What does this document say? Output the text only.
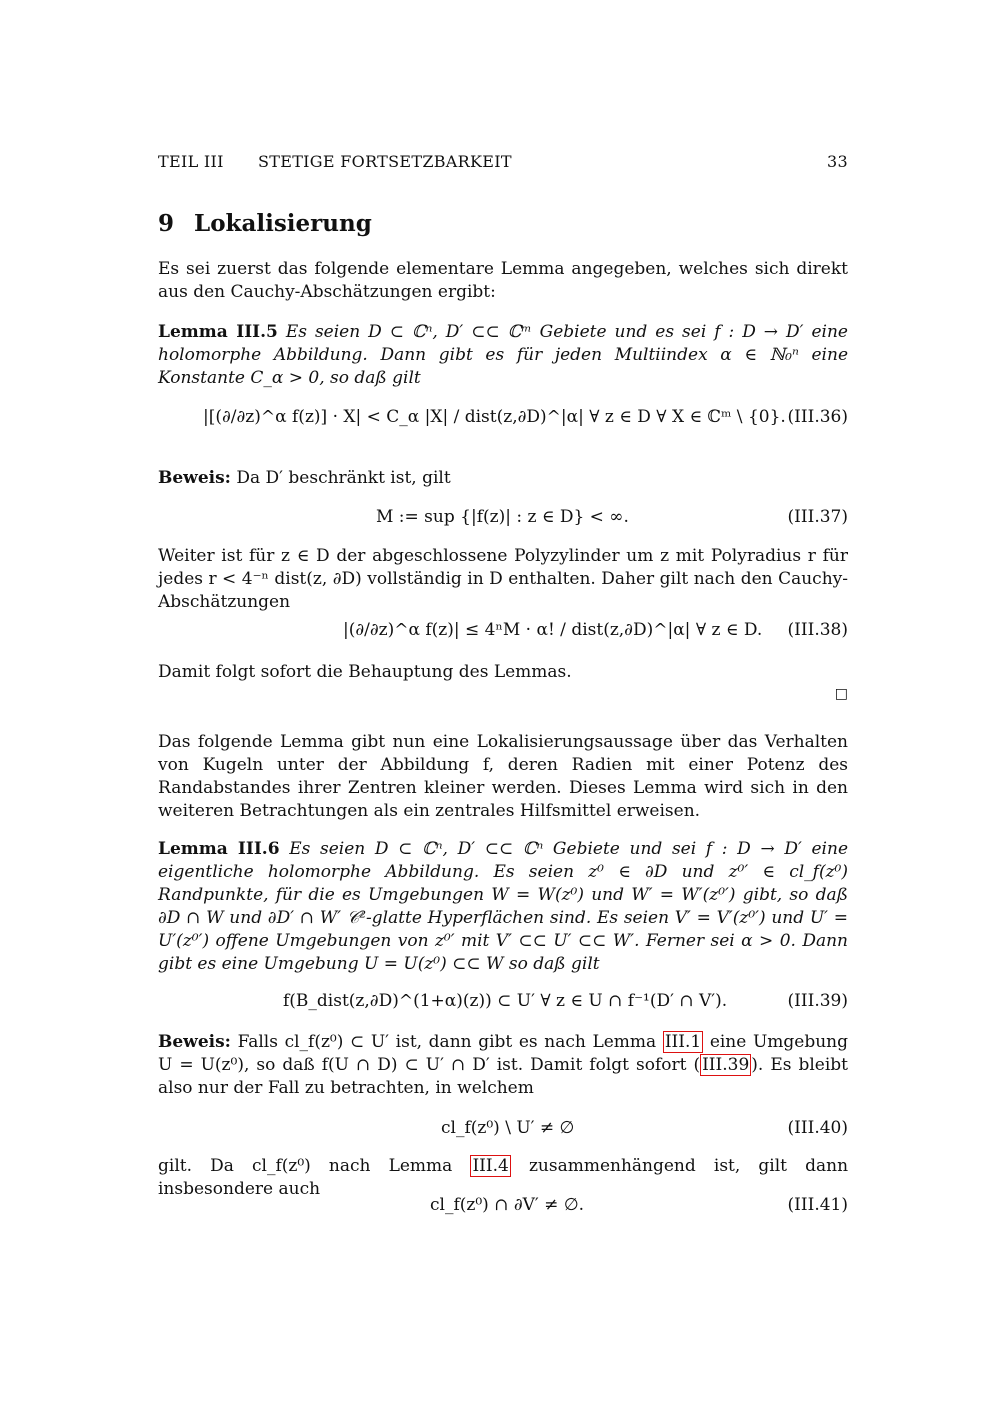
TEIL III STETIGE FORTSETZBARKEIT	33
9 Lokalisierung
Es sei zuerst das folgende elementare Lemma angegeben, welches sich direkt aus den Cauchy-Abschätzungen ergibt:
Lemma III.5 Es seien D ⊂ ℂⁿ, D′ ⊂⊂ ℂᵐ Gebiete und es sei f : D → D′ eine holomorphe Abbildung. Dann gibt es für jeden Multiindex α ∈ ℕ₀ⁿ eine Konstante C_α > 0, so daß gilt
|[(∂/∂z)^α f(z)] · X| < C_α |X| / dist(z,∂D)^|α| ∀ z ∈ D ∀ X ∈ ℂᵐ \ {0}. (III.36)
Beweis: Da D′ beschränkt ist, gilt
M := sup {|f(z)| : z ∈ D} < ∞.	(III.37)
Weiter ist für z ∈ D der abgeschlossene Polyzylinder um z mit Polyradius r für jedes r < 4⁻ⁿ dist(z, ∂D) vollständig in D enthalten. Daher gilt nach den Cauchy-Abschätzungen
|(∂/∂z)^α f(z)| ≤ 4ⁿM · α! / dist(z,∂D)^|α| ∀ z ∈ D. (III.38)
Damit folgt sofort die Behauptung des Lemmas.
□
Das folgende Lemma gibt nun eine Lokalisierungsaussage über das Verhalten von Kugeln unter der Abbildung f, deren Radien mit einer Potenz des Randabstandes ihrer Zentren kleiner werden. Dieses Lemma wird sich in den weiteren Betrachtungen als ein zentrales Hilfsmittel erweisen.
Lemma III.6 Es seien D ⊂ ℂⁿ, D′ ⊂⊂ ℂⁿ Gebiete und sei f : D → D′ eine eigentliche holomorphe Abbildung. Es seien z⁰ ∈ ∂D und z⁰′ ∈ cl_f(z⁰) Randpunkte, für die es Umgebungen W = W(z⁰) und W′ = W′(z⁰′) gibt, so daß ∂D ∩ W und ∂D′ ∩ W′ 𝒞²-glatte Hyperflächen sind. Es seien V′ = V′(z⁰′) und U′ = U′(z⁰′) offene Umgebungen von z⁰′ mit V′ ⊂⊂ U′ ⊂⊂ W′. Ferner sei α > 0. Dann gibt es eine Umgebung U = U(z⁰) ⊂⊂ W so daß gilt
f(B_dist(z,∂D)^(1+α)(z)) ⊂ U′ ∀ z ∈ U ∩ f⁻¹(D′ ∩ V′).	(III.39)
Beweis: Falls cl_f(z⁰) ⊂ U′ ist, dann gibt es nach Lemma III.1 eine Umgebung U = U(z⁰), so daß f(U ∩ D) ⊂ U′ ∩ D′ ist. Damit folgt sofort ( III.39 ). Es bleibt also nur der Fall zu betrachten, in welchem
cl_f(z⁰) \ U′ ≠ ∅	(III.40)
gilt. Da cl_f(z⁰) nach Lemma III.4 zusammenhängend ist, gilt dann insbesondere auch
cl_f(z⁰) ∩ ∂V′ ≠ ∅.	(III.41)
